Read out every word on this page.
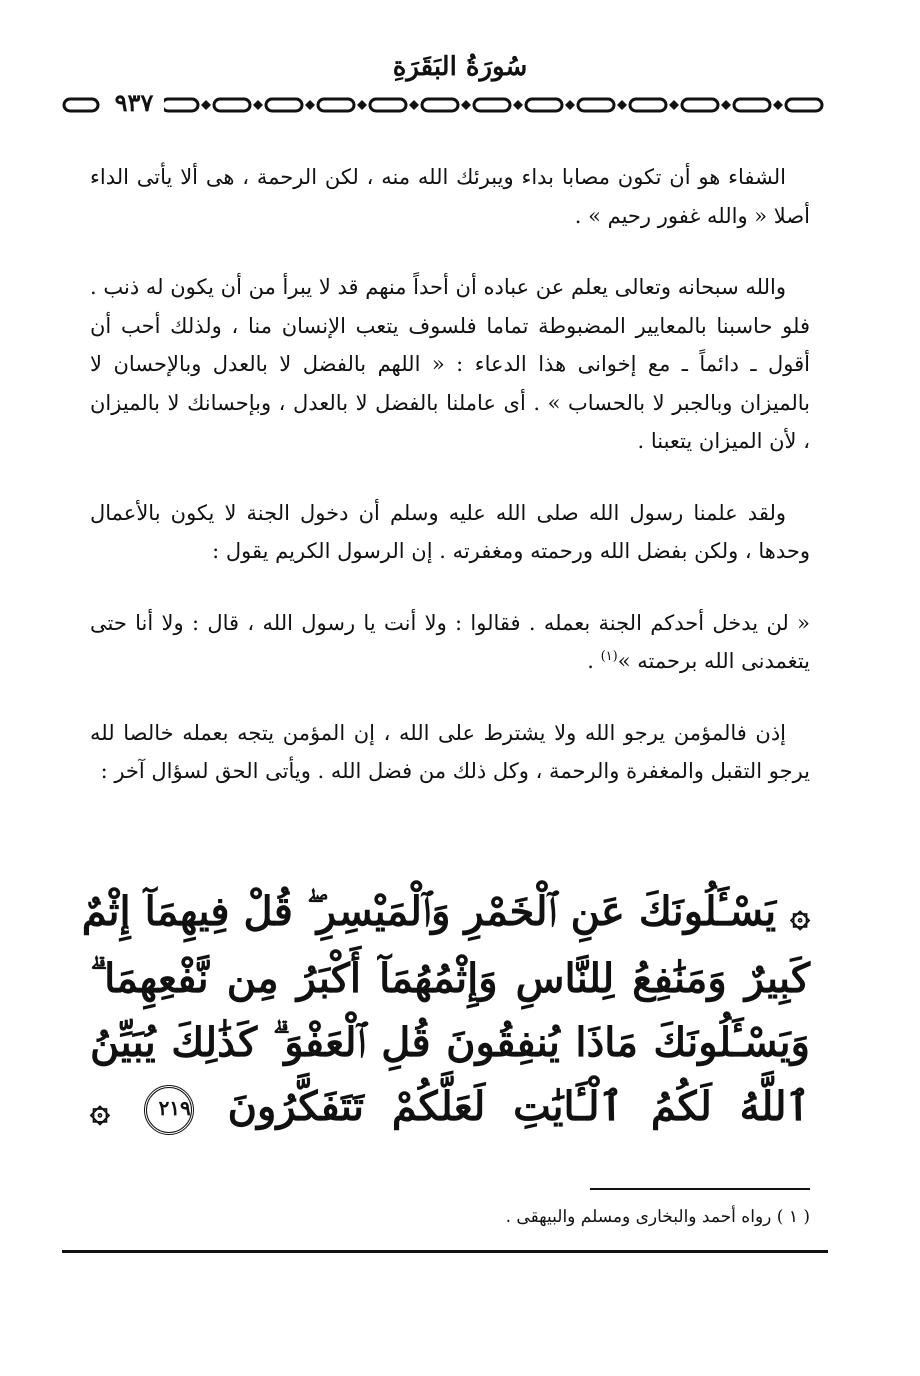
سُورَةُ البَقَرَةِ
٩٣٧

الشفاء هو أن تكون مصابا بداء ويبرئك الله منه ، لكن الرحمة ، هى ألا يأتى الداء أصلا « والله غفور رحيم » .

والله سبحانه وتعالى يعلم عن عباده أن أحداً منهم قد لا يبرأ من أن يكون له ذنب . فلو حاسبنا بالمعايير المضبوطة تماما فلسوف يتعب الإنسان منا ، ولذلك أحب أن أقول ـ دائماً ـ مع إخوانى هذا الدعاء : « اللهم بالفضل لا بالعدل وبالإحسان لا بالميزان وبالجبر لا بالحساب » . أى عاملنا بالفضل لا بالعدل ، وبإحسانك لا بالميزان ، لأن الميزان يتعبنا .

ولقد علمنا رسول الله صلى الله عليه وسلم أن دخول الجنة لا يكون بالأعمال وحدها ، ولكن بفضل الله ورحمته ومغفرته . إن الرسول الكريم يقول :

« لن يدخل أحدكم الجنة بعمله . فقالوا : ولا أنت يا رسول الله ، قال : ولا أنا حتى يتغمدنى الله برحمته »$^{(١)}$ .

إذن فالمؤمن يرجو الله ولا يشترط على الله ، إن المؤمن يتجه بعمله خالصا لله يرجو التقبل والمغفرة والرحمة ، وكل ذلك من فضل الله . ويأتى الحق لسؤال آخر :

۞ يَسْـَٔلُونَكَ عَنِ ٱلْخَمْرِ وَٱلْمَيْسِرِ ۖ قُلْ فِيهِمَآ إِثْمٌ
كَبِيرٌ وَمَنَٰفِعُ لِلنَّاسِ وَإِثْمُهُمَآ أَكْبَرُ مِن نَّفْعِهِمَا ۗ
وَيَسْـَٔلُونَكَ مَاذَا يُنفِقُونَ قُلِ ٱلْعَفْوَ ۗ كَذَٰلِكَ يُبَيِّنُ
ٱللَّهُ لَكُمُ ٱلْـَٔايَٰتِ لَعَلَّكُمْ تَتَفَكَّرُونَ ٢١٩ ۞
( ١ ) رواه أحمد والبخارى ومسلم والبيهقى .
